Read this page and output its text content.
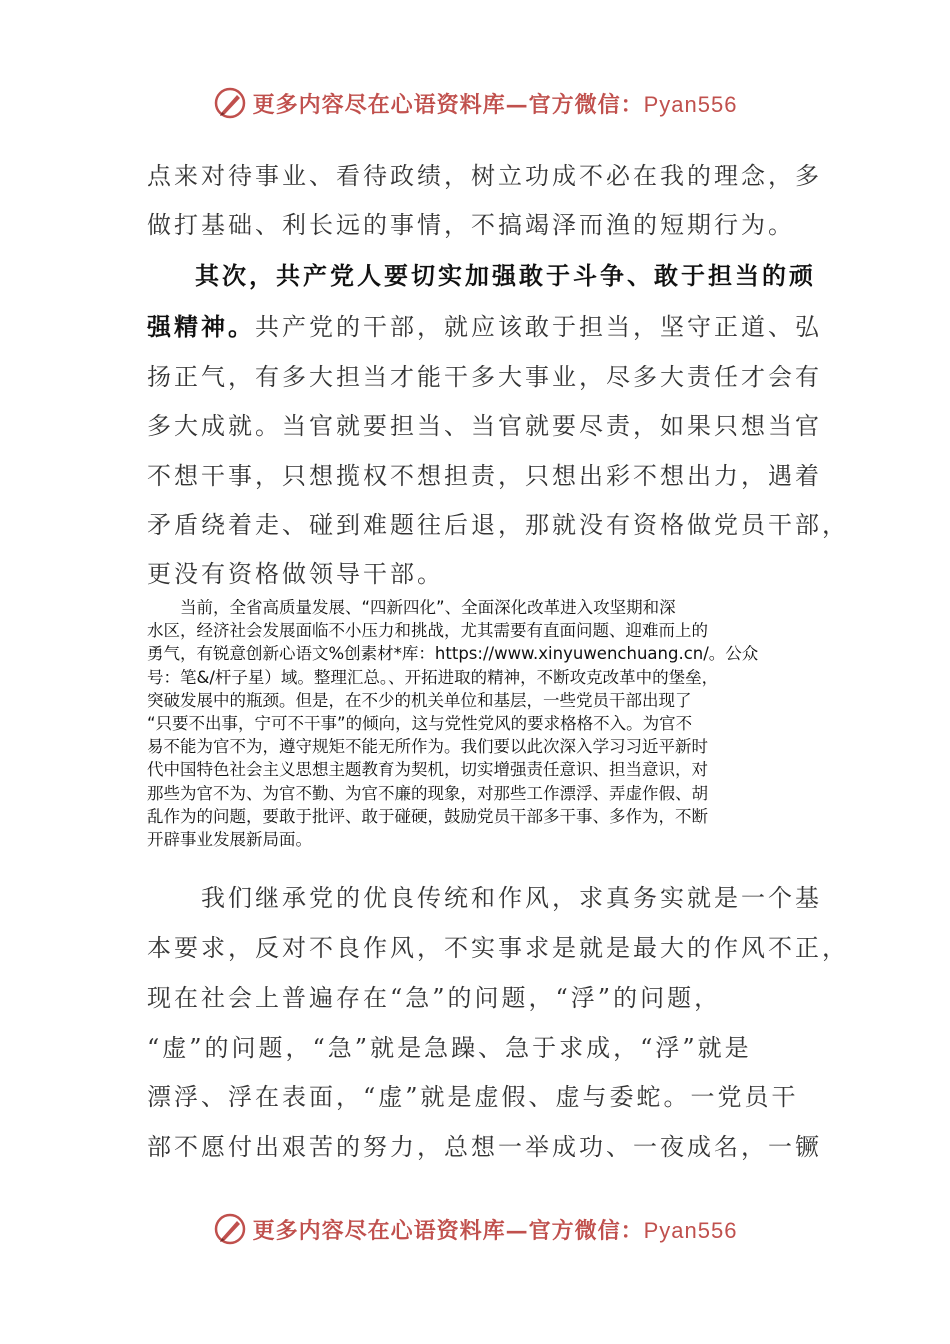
更多内容尽在心语资料库—官方微信：Pyan556
点来对待事业、看待政绩，树立功成不必在我的理念，多
做打基础、利长远的事情，不搞竭泽而渔的短期行为。
其次，共产党人要切实加强敢于斗争、敢于担当的顽
强精神。共产党的干部，就应该敢于担当，坚守正道、弘
扬正气，有多大担当才能干多大事业，尽多大责任才会有
多大成就。当官就要担当、当官就要尽责，如果只想当官
不想干事，只想揽权不想担责，只想出彩不想出力，遇着
矛盾绕着走、碰到难题往后退，那就没有资格做党员干部，
更没有资格做领导干部。
　　当前，全省高质量发展、“四新四化”、全面深化改革进入攻坚期和深
水区，经济社会发展面临不小压力和挑战，尤其需要有直面问题、迎难而上的
勇气，有锐意创新心语文%创素材*库：https://www.xinyuwenchuang.cn/。公众
号：笔&/杆子星）域。整理汇总。、开拓进取的精神，不断攻克改革中的堡垒，
突破发展中的瓶颈。但是，在不少的机关单位和基层，一些党员干部出现了
“只要不出事，宁可不干事”的倾向，这与党性党风的要求格格不入。为官不
易不能为官不为，遵守规矩不能无所作为。我们要以此次深入学习习近平新时
代中国特色社会主义思想主题教育为契机，切实增强责任意识、担当意识，对
那些为官不为、为官不勤、为官不廉的现象，对那些工作漂浮、弄虚作假、胡
乱作为的问题，要敢于批评、敢于碰硬，鼓励党员干部多干事、多作为，不断
开辟事业发展新局面。
　　我们继承党的优良传统和作风，求真务实就是一个基
本要求，反对不良作风，不实事求是就是最大的作风不正，
现在社会上普遍存在“急”的问题，“浮”的问题，
“虚”的问题，“急”就是急躁、急于求成，“浮”就是
漂浮、浮在表面，“虚”就是虚假、虚与委蛇。一党员干
部不愿付出艰苦的努力，总想一举成功、一夜成名，一镢
更多内容尽在心语资料库—官方微信：Pyan556
